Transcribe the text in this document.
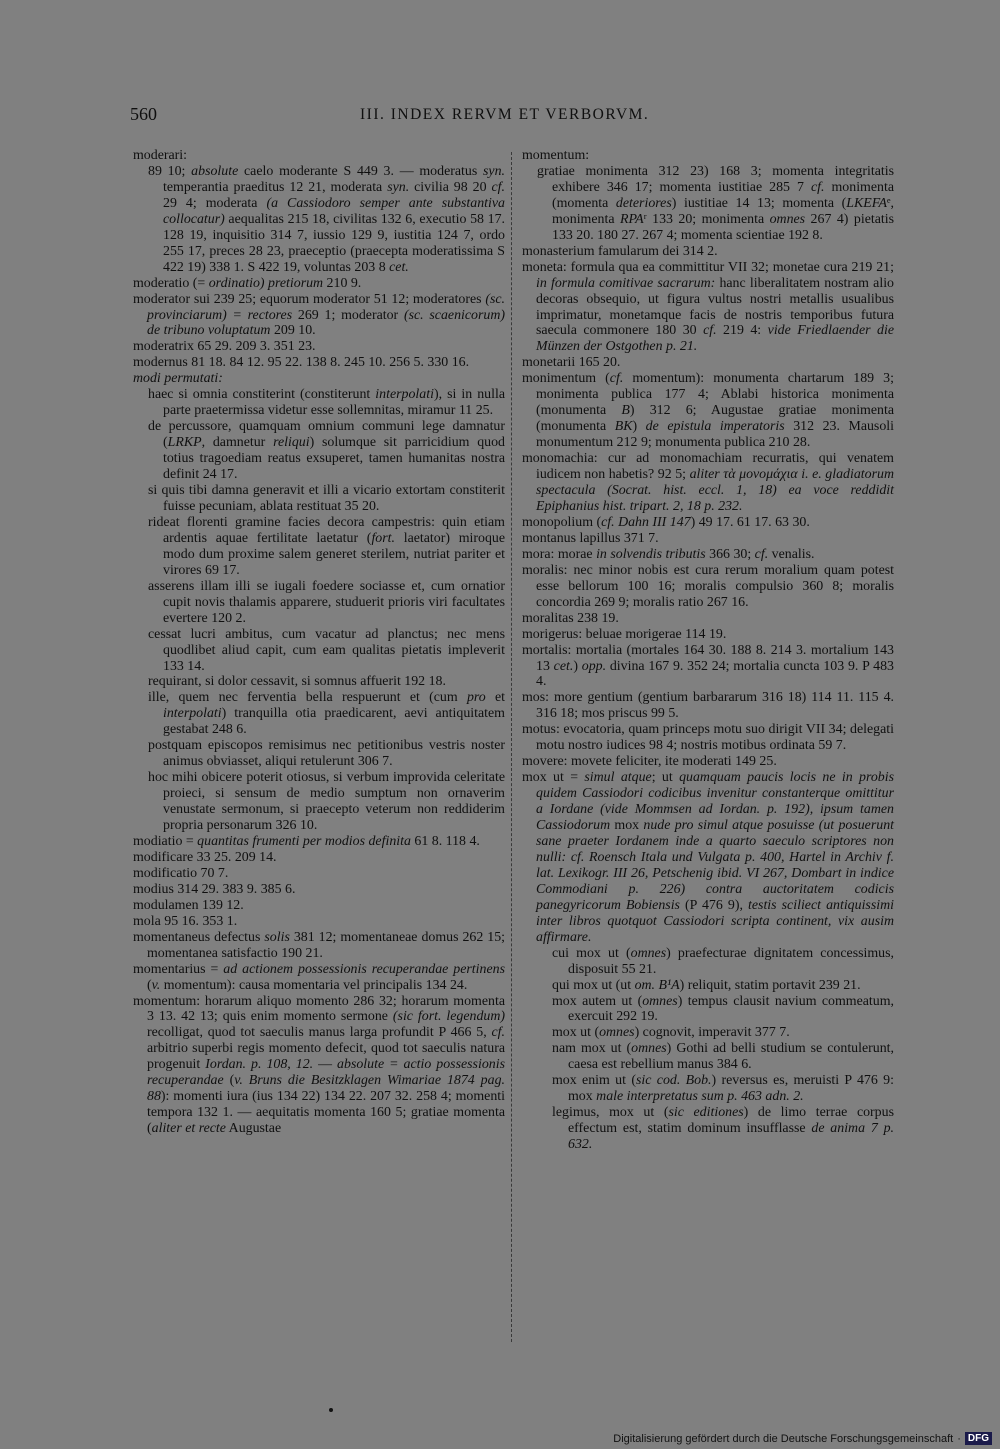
560	III. INDEX RERVM ET VERBORVM.

moderari:

89 10; absolute caelo moderante S 449 3. — moderatus syn. temperantia praeditus 12 21, moderata syn. civilia 98 20 cf. 29 4; moderata (a Cassiodoro semper ante substantiva collocatur) aequalitas 215 18, civilitas 132 6, executio 58 17. 128 19, inquisitio 314 7, iussio 129 9, iustitia 124 7, ordo 255 17, preces 28 23, praeceptio (praecepta moderatissima S 422 19) 338 1. S 422 19, voluntas 203 8 cet.

moderatio (= ordinatio) pretiorum 210 9.

moderator sui 239 25; equorum moderator 51 12; moderatores (sc. provinciarum) = rectores 269 1; moderator (sc. scaenicorum) de tribuno voluptatum 209 10.

moderatrix 65 29. 209 3. 351 23.

modernus 81 18. 84 12. 95 22. 138 8. 245 10. 256 5. 330 16.

modi permutati:

haec si omnia constiterint (constiterunt interpolati), si in nulla parte praetermissa videtur esse sollemnitas, miramur 11 25.

de percussore, quamquam omnium communi lege damnatur (LRKP, damnetur reliqui) solumque sit parricidium quod totius tragoediam reatus exsuperet, tamen humanitas nostra definit 24 17.

si quis tibi damna generavit et illi a vicario extortam constiterit fuisse pecuniam, ablata restituat 35 20.

rideat florenti gramine facies decora campestris: quin etiam ardentis aquae fertilitate laetatur (fort. laetator) miroque modo dum proxime salem generet sterilem, nutriat pariter et virores 69 17.

asserens illam illi se iugali foedere sociasse et, cum ornatior cupit novis thalamis apparere, studuerit prioris viri facultates evertere 120 2.

cessat lucri ambitus, cum vacatur ad planctus; nec mens quodlibet aliud capit, cum eam qualitas pietatis impleverit 133 14.

requirant, si dolor cessavit, si somnus affuerit 192 18.

ille, quem nec ferventia bella respuerunt et (cum pro et interpolati) tranquilla otia praedicarent, aevi antiquitatem gestabat 248 6.

postquam episcopos remisimus nec petitionibus vestris noster animus obviasset, aliqui retulerunt 306 7.

hoc mihi obicere poterit otiosus, si verbum improvida celeritate proieci, si sensum de medio sumptum non ornaverim venustate sermonum, si praecepto veterum non reddiderim propria personarum 326 10.

modiatio = quantitas frumenti per modios definita 61 8. 118 4.

modificare 33 25. 209 14.

modificatio 70 7.

modius 314 29. 383 9. 385 6.

modulamen 139 12.

mola 95 16. 353 1.

momentaneus defectus solis 381 12; momentaneae domus 262 15; momentanea satisfactio 190 21.

momentarius = ad actionem possessionis recuperandae pertinens (v. momentum): causa momentaria vel principalis 134 24.

momentum: horarum aliquo momento 286 32; horarum momenta 3 13. 42 13; quis enim momento sermone (sic fort. legendum) recolligat, quod tot saeculis manus larga profundit P 466 5, cf. arbitrio superbi regis momento defecit, quod tot saeculis natura progenuit Iordan. p. 108, 12. — absolute = actio possessionis recuperandae (v. Bruns die Besitzklagen Wimariae 1874 pag. 88): momenti iura (ius 134 22) 134 22. 207 32. 258 4; momenti tempora 132 1. — aequitatis momenta 160 5; gratiae momenta (aliter et recte Augustae

momentum:

gratiae monimenta 312 23) 168 3; momenta integritatis exhibere 346 17; momenta iustitiae 285 7 cf. monimenta (momenta deteriores) iustitiae 14 13; momenta (LKEFAᵉ, monimenta RPAʳ 133 20; monimenta omnes 267 4) pietatis 133 20. 180 27. 267 4; momenta scientiae 192 8.

monasterium famularum dei 314 2.

moneta: formula qua ea committitur VII 32; monetae cura 219 21; in formula comitivae sacrarum: hanc liberalitatem nostram alio decoras obsequio, ut figura vultus nostri metallis usualibus imprimatur, monetamque facis de nostris temporibus futura saecula commonere 180 30 cf. 219 4: vide Friedlaender die Münzen der Ostgothen p. 21.

monetarii 165 20.

monimentum (cf. momentum): monumenta chartarum 189 3; monimenta publica 177 4; Ablabi historica monimenta (monumenta B) 312 6; Augustae gratiae monimenta (monumenta BK) de epistula imperatoris 312 23. Mausoli monumentum 212 9; monumenta publica 210 28.

monomachia: cur ad monomachiam recurratis, qui venatem iudicem non habetis? 92 5; aliter τὰ μονομάχια i. e. gladiatorum spectacula (Socrat. hist. eccl. 1, 18) ea voce reddidit Epiphanius hist. tripart. 2, 18 p. 232.

monopolium (cf. Dahn III 147) 49 17. 61 17. 63 30.

montanus lapillus 371 7.

mora: morae in solvendis tributis 366 30; cf. venalis.

moralis: nec minor nobis est cura rerum moralium quam potest esse bellorum 100 16; moralis compulsio 360 8; moralis concordia 269 9; moralis ratio 267 16.

moralitas 238 19.

morigerus: beluae morigerae 114 19.

mortalis: mortalia (mortales 164 30. 188 8. 214 3. mortalium 143 13 cet.) opp. divina 167 9. 352 24; mortalia cuncta 103 9. P 483 4.

mos: more gentium (gentium barbararum 316 18) 114 11. 115 4. 316 18; mos priscus 99 5.

motus: evocatoria, quam princeps motu suo dirigit VII 34; delegati motu nostro iudices 98 4; nostris motibus ordinata 59 7.

movere: movete feliciter, ite moderati 149 25.

mox ut = simul atque; ut quamquam paucis locis ne in probis quidem Cassiodori codicibus invenitur constanterque omittitur a Iordane (vide Mommsen ad Iordan. p. 192), ipsum tamen Cassiodorum mox nude pro simul atque posuisse (ut posuerunt sane praeter Iordanem inde a quarto saeculo scriptores non nulli: cf. Roensch Itala und Vulgata p. 400, Hartel in Archiv f. lat. Lexikogr. III 26, Petschenig ibid. VI 267, Dombart in indice Commodiani p. 226) contra auctoritatem codicis panegyricorum Bobiensis (P 476 9), testis sciliect antiquissimi inter libros quotquot Cassiodori scripta continent, vix ausim affirmare.

cui mox ut (omnes) praefecturae dignitatem concessimus, disposuit 55 21.

qui mox ut (ut om. B¹A) reliquit, statim portavit 239 21.

mox autem ut (omnes) tempus clausit navium commeatum, exercuit 292 19.

mox ut (omnes) cognovit, imperavit 377 7.

nam mox ut (omnes) Gothi ad belli studium se contulerunt, caesa est rebellium manus 384 6.

mox enim ut (sic cod. Bob.) reversus es, meruisti P 476 9: mox male interpretatus sum p. 463 adn. 2.

legimus, mox ut (sic editiones) de limo terrae corpus effectum est, statim dominum insufflasse de anima 7 p. 632.

Digitalisierung gefördert durch die Deutsche Forschungsgemeinschaft · DFG
